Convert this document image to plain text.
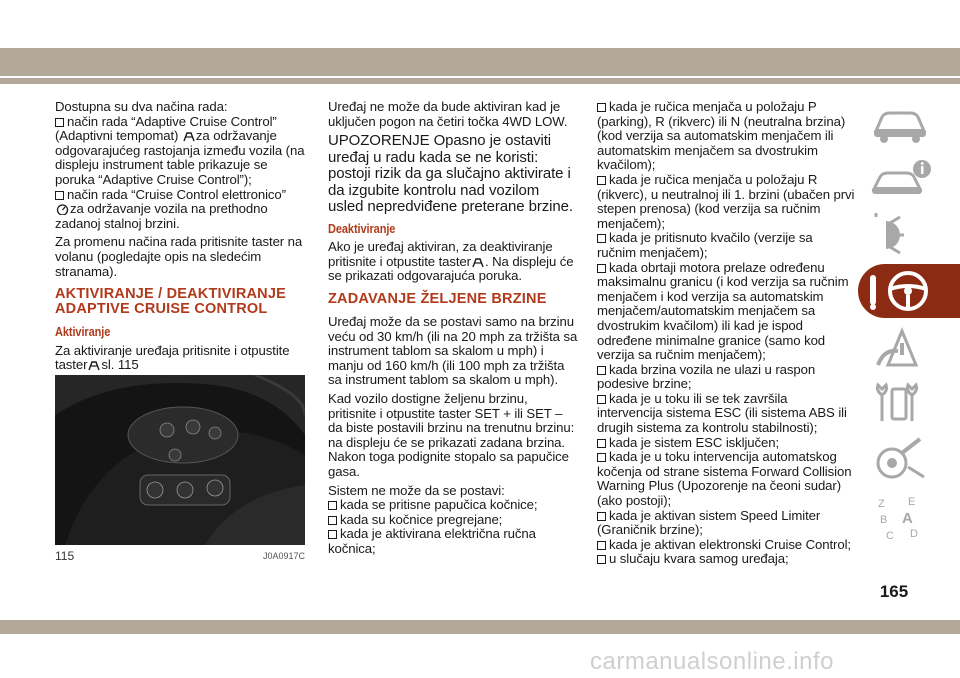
Dostupna su dva načina rada:
način rada “Adaptive Cruise Control” (Adaptivni tempomat) za održavanje odgovarajućeg rastojanja između vozila (na displeju instrument table prikazuje se poruka “Adaptive Cruise Control”);
način rada “Cruise Control elettronico”
za održavanje vozila na prethodno zadanoj stalnoj brzini.

Za promenu načina rada pritisnite taster na volanu (pogledajte opis na sledećim stranama).

AKTIVIRANJE / DEAKTIVIRANJE ADAPTIVE CRUISE CONTROL
Aktiviranje

Za aktiviranje uređaja pritisnite i otpustite taster sl. 115

115	J0A0917C

Uređaj ne može da bude aktiviran kad je uključen pogon na četiri točka 4WD LOW.

UPOZORENJE Opasno je ostaviti uređaj u radu kada se ne koristi: postoji rizik da ga slučajno aktivirate i da izgubite kontrolu nad vozilom usled nepredviđene preterane brzine.

Deaktiviranje

Ako je uređaj aktiviran, za deaktiviranje pritisnite i otpustite taster . Na displeju će se prikazati odgovarajuća poruka.

ZADAVANJE ŽELJENE BRZINE

Uređaj može da se postavi samo na brzinu veću od 30 km/h (ili na 20 mph za tržišta sa instrument tablom sa skalom u mph) i manju od 160 km/h (ili 100 mph za tržišta sa instrument tablom sa skalom u mph).

Kad vozilo dostigne željenu brzinu, pritisnite i otpustite taster SET + ili SET – da biste postavili brzinu na trenutnu brzinu: na displeju će se prikazati zadana brzina. Nakon toga podignite stopalo sa papučice gasa.

Sistem ne može da se postavi:
kada se pritisne papučica kočnice;
kada su kočnice pregrejane;
kada je aktivirana električna ručna kočnica;

kada je ručica menjača u položaju P (parking), R (rikverc) ili N (neutralna brzina) (kod verzija sa automatskim menjačem ili automatskim menjačem sa dvostrukim kvačilom);
kada je ručica menjača u položaju R (rikverc), u neutralnoj ili 1. brzini (ubačen prvi stepen prenosa) (kod verzija sa ručnim menjačem);
kada je pritisnuto kvačilo (verzije sa ručnim menjačem);
kada obrtaji motora prelaze određenu maksimalnu granicu (i kod verzija sa ručnim menjačem i kod verzija sa automatskim menjačem/automatskim menjačem sa dvostrukim kvačilom) ili kad je ispod određene minimalne granice (samo kod verzija sa ručnim menjačem);
kada brzina vozila ne ulazi u raspon podesive brzine;
kada je u toku ili se tek završila intervencija sistema ESC (ili sistema ABS ili drugih sistema za kontrolu stabilnosti);
kada je sistem ESC isključen;
kada je u toku intervencija automatskog kočenja od strane sistema Forward Collision Warning Plus (Upozorenje na čeoni sudar) (ako postoji);
kada je aktivan sistem Speed Limiter (Graničnik brzine);
kada je aktivan elektronski Cruise Control;
u slučaju kvara samog uređaja;
Z E
B A
C D
165
carmanualsonline.info
